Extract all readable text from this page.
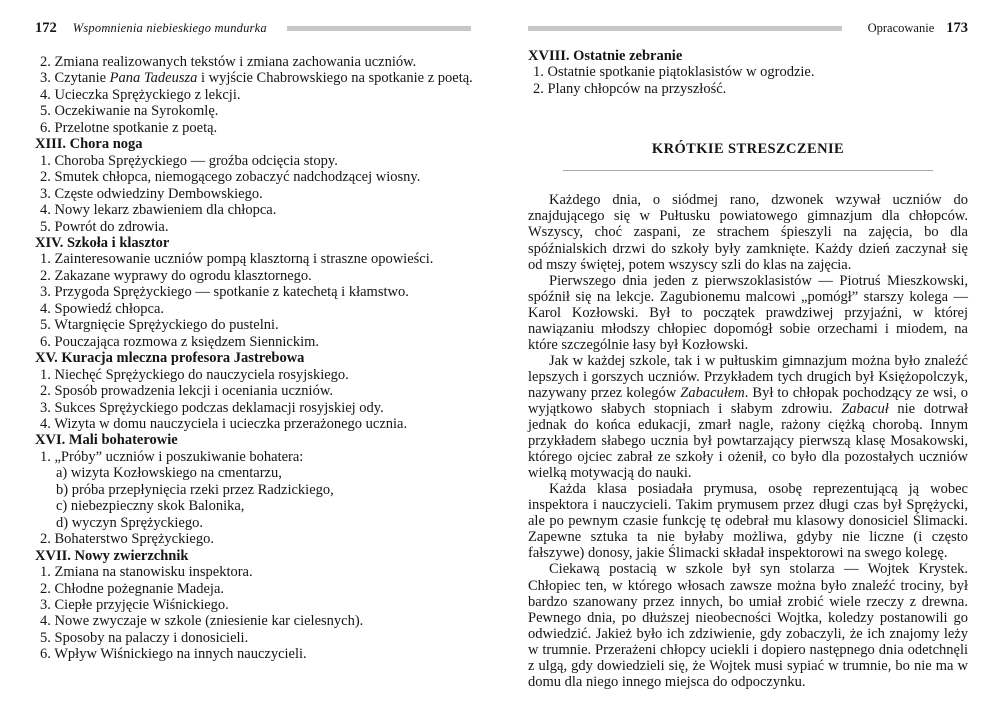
172 Wspomnienia niebieskiego mundurka
2. Zmiana realizowanych tekstów i zmiana zachowania uczniów.
3. Czytanie Pana Tadeusza i wyjście Chabrowskiego na spotkanie z poetą.
4. Ucieczka Sprężyckiego z lekcji.
5. Oczekiwanie na Syrokomlę.
6. Przelotne spotkanie z poetą.
XIII. Chora noga
1. Choroba Sprężyckiego — groźba odcięcia stopy.
2. Smutek chłopca, niemogącego zobaczyć nadchodzącej wiosny.
3. Częste odwiedziny Dembowskiego.
4. Nowy lekarz zbawieniem dla chłopca.
5. Powrót do zdrowia.
XIV. Szkoła i klasztor
1. Zainteresowanie uczniów pompą klasztorną i straszne opowieści.
2. Zakazane wyprawy do ogrodu klasztornego.
3. Przygoda Sprężyckiego — spotkanie z katechetą i kłamstwo.
4. Spowiedź chłopca.
5. Wtargnięcie Sprężyckiego do pustelni.
6. Pouczająca rozmowa z księdzem Siennickim.
XV. Kuracja mleczna profesora Jastrebowa
1. Niechęć Sprężyckiego do nauczyciela rosyjskiego.
2. Sposób prowadzenia lekcji i oceniania uczniów.
3. Sukces Sprężyckiego podczas deklamacji rosyjskiej ody.
4. Wizyta w domu nauczyciela i ucieczka przerażonego ucznia.
XVI. Mali bohaterowie
1. „Próby” uczniów i poszukiwanie bohatera:
a) wizyta Kozłowskiego na cmentarzu,
b) próba przepłynięcia rzeki przez Radzickiego,
c) niebezpieczny skok Balonika,
d) wyczyn Sprężyckiego.
2. Bohaterstwo Sprężyckiego.
XVII. Nowy zwierzchnik
1. Zmiana na stanowisku inspektora.
2. Chłodne pożegnanie Madeja.
3. Ciepłe przyjęcie Wiśnickiego.
4. Nowe zwyczaje w szkole (zniesienie kar cielesnych).
5. Sposoby na palaczy i donosicieli.
6. Wpływ Wiśnickiego na innych nauczycieli.
Opracowanie 173
XVIII. Ostatnie zebranie
1. Ostatnie spotkanie piątoklasistów w ogrodzie.
2. Plany chłopców na przyszłość.
KRÓTKIE STRESZCZENIE

Każdego dnia, o siódmej rano, dzwonek wzywał uczniów do znajdującego się w Pułtusku powiatowego gimnazjum dla chłopców. Wszyscy, choć zaspani, ze strachem śpieszyli na zajęcia, bo dla spóźnialskich drzwi do szkoły były zamknięte. Każdy dzień zaczynał się od mszy świętej, potem wszyscy szli do klas na zajęcia.

Pierwszego dnia jeden z pierwszoklasistów — Piotruś Mieszkowski, spóźnił się na lekcje. Zagubionemu malcowi „pomógł” starszy kolega — Karol Kozłowski. Był to początek prawdziwej przyjaźni, w której nawiązaniu młodszy chłopiec dopomógł sobie orzechami i miodem, na które szczególnie łasy był Kozłowski.

Jak w każdej szkole, tak i w pułtuskim gimnazjum można było znaleźć lepszych i gorszych uczniów. Przykładem tych drugich był Księżopolczyk, nazywany przez kolegów Zabacułem. Był to chłopak pochodzący ze wsi, o wyjątkowo słabych stopniach i słabym zdrowiu. Zabacuł nie dotrwał jednak do końca edukacji, zmarł nagle, rażony ciężką chorobą. Innym przykładem słabego ucznia był powtarzający pierwszą klasę Mosakowski, którego ojciec zabrał ze szkoły i ożenił, co było dla pozostałych uczniów wielką motywacją do nauki.

Każda klasa posiadała prymusa, osobę reprezentującą ją wobec inspektora i nauczycieli. Takim prymusem przez długi czas był Sprężycki, ale po pewnym czasie funkcję tę odebrał mu klasowy donosiciel Ślimacki. Zapewne sztuka ta nie byłaby możliwa, gdyby nie liczne (i często fałszywe) donosy, jakie Ślimacki składał inspektorowi na swego kolegę.

Ciekawą postacią w szkole był syn stolarza — Wojtek Krystek. Chłopiec ten, w którego włosach zawsze można było znaleźć trociny, był bardzo szanowany przez innych, bo umiał zrobić wiele rzeczy z drewna. Pewnego dnia, po dłuższej nieobecności Wojtka, koledzy postanowili go odwiedzić. Jakież było ich zdziwienie, gdy zobaczyli, że ich znajomy leży w trumnie. Przerażeni chłopcy uciekli i dopiero następnego dnia odetchnęli z ulgą, gdy dowiedzieli się, że Wojtek musi sypiać w trumnie, bo nie ma w domu dla niego innego miejsca do odpoczynku.
